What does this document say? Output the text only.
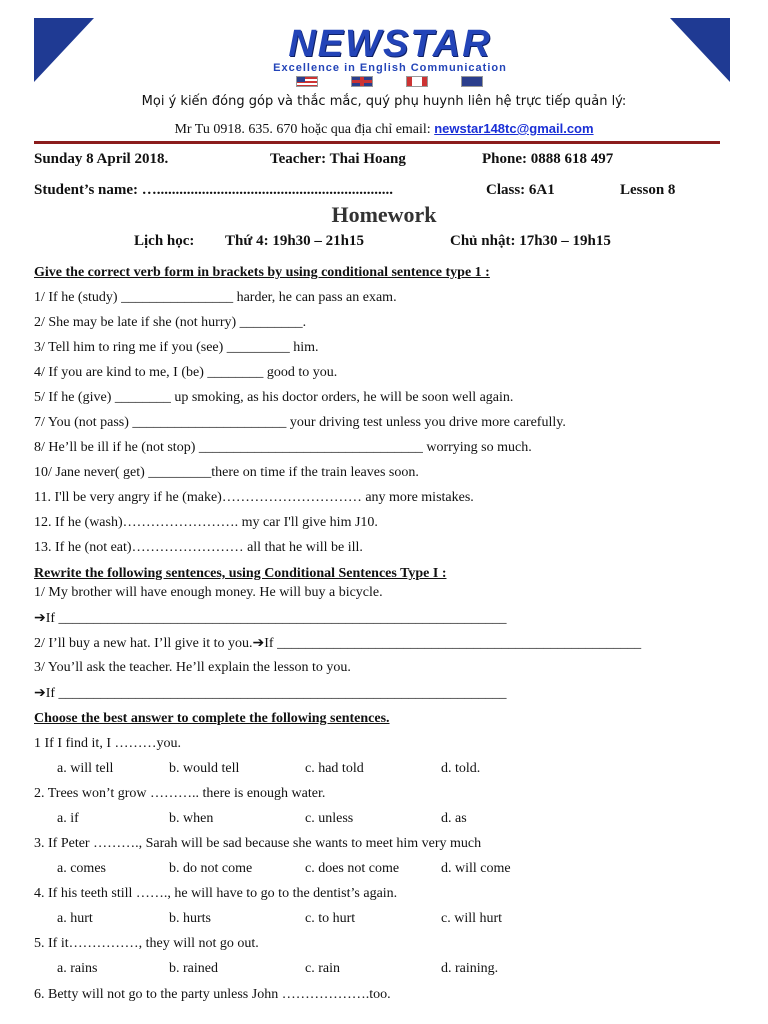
NEWSTAR
Excellence in English Communication
Mọi ý kiến đóng góp và thắc mắc, quý phụ huynh liên hệ trực tiếp quản lý:
Mr Tu 0918. 635. 670 hoặc qua địa chỉ email: newstar148tc@gmail.com
Sunday 8 April 2018.	Teacher: Thai Hoang	Phone: 0888 618 497
Student’s name: …...............................................................	Class: 6A1	Lesson 8
Homework
Lịch học: Thứ 4: 19h30 – 21h15	Chủ nhật: 17h30 – 19h15
Give the correct verb form in brackets by using conditional sentence type 1 :
1/ If he (study) ________________ harder, he can pass an exam.
2/ She may be late if she (not hurry) _________.
3/ Tell him to ring me if you (see) _________ him.
4/ If you are kind to me, I (be) ________ good to you.
5/ If he (give) ________ up smoking, as his doctor orders, he will be soon well again.
7/ You (not pass) ______________________ your driving test unless you drive more carefully.
8/ He’ll be ill if he (not stop) ________________________________ worrying so much.
10/ Jane never( get) _________there on time if the train leaves soon.
11. I'll be very angry if he (make)………………………… any more mistakes.
12. If he (wash)……………………. my car I'll give him J10.
13. If he (not eat)…………………… all that he will be ill.
Rewrite the following sentences, using Conditional Sentences Type I :
1/ My brother will have enough money. He will buy a bicycle.
➔If ________________________________________________________________
2/ I’ll buy a new hat. I’ll give it to you.➔If ____________________________________________________
3/ You’ll ask the teacher. He’ll explain the lesson to you.
➔If ________________________________________________________________
Choose the best answer to complete the following sentences.
1 If I find it, I ………you.
a. will tell	b. would tell	c. had told	d. told.
2. Trees won’t grow ……….. there is enough water.
a. if	b. when	c. unless	d. as
3. If Peter ………., Sarah will be sad because she wants to meet him very much
a. comes	b. do not come	c. does not come	d. will come
4. If his teeth still ……., he will have to go to the dentist’s again.
a. hurt	b. hurts	c. to hurt	c. will hurt
5. If it……………, they will not go out.
a. rains	b. rained	c. rain	d. raining.
6. Betty will not go to the party unless John ……………….too.
